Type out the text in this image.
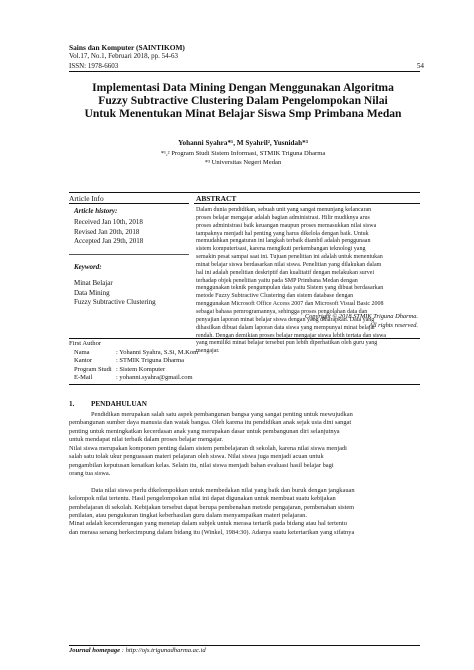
Sains dan Komputer (SAINTIKOM)
Vol.17, No.1, Februari 2018, pp. 54-63
ISSN: 1978-6603	54
Implementasi Data Mining Dengan Menggunakan Algoritma
Fuzzy Subtractive Clustering Dalam Pengelompokan Nilai
Untuk Menentukan Minat Belajar Siswa Smp Primbana Medan
Yohanni Syahra*¹, M Syahril², Yusnidah*³
*¹,² Program Studi Sistem Informasi, STMIK Triguna Dharma
*³ Universitas Negeri Medan
Article Info
Article history:
Received Jan 10th, 2018
Revised Jan 20th, 2018
Accepted Jan 29th, 2018
Keyword:
Minat Belajar
Data Mining
Fuzzy Subtractive Clustering
ABSTRACT
Dalam dunia pendidikan, sebuah unit yang sangat menunjang kelancaran
proses belajar mengajar adalah bagian administrasi. Hilir mudiknya arus
proses administrasi baik keuangan maupun proses memasukkan nilai siswa
tampaknya menjadi hal penting yang harus dikelola dengan baik. Untuk
memudahkan pengaturan ini langkah terbaik diambil adalah penggunaan
sistem komputerisasi, karena mengikuti perkembangan teknologi yang
semakin pesat sampai saat ini. Tujuan penelitian ini adalah untuk menentukan
minat belajar siswa berdasarkan nilai siswa. Penelitian yang dilakukan dalam
hal ini adalah penelitian deskriptif dan kualitatif dengan melakukan survei
terhadap objek penelitian yaitu pada SMP Primbana Medan dengan
menggunakan teknik pengumpulan data yaitu Sistem yang dibuat berdasarkan
metode Fuzzy Subtractive Clustering dan sistem database dengan
menggunakan Microsoft Office Access 2007 dan Microsoft Visual Basic 2008
sebagai bahasa pemrogramannya, sehingga proses pengolahan data dan
penyajian laporan minat belajar siswa dengan yang diharapkan. Data yang
dihasilkan dibuat dalam laporan data siswa yang mempunyai minat belajar
rendah. Dengan demikian proses belajar mengajar siswa lebih tertata dan siswa
yang memiliki minat belajar tersebut pun lebih diperhatikan oleh guru yang
mengajar.
Copyright © 2018 STMIK Triguna Dharma.
All rights reserved.
First Author
Nama	: Yohanni Syahra, S.Si, M.Kom
Kantor	: STMIK Triguna Dharma
Program Studi : Sistem Komputer
E-Mail	: yohanni.syahra@gmail.com
1. PENDAHULUAN
Pendidikan merupakan salah satu aspek pembangunan bangsa yang sangat penting untuk mewujudkan
pembangunan sumber daya manusia dan watak bangsa. Oleh karena itu pendidikan anak sejak usia dini sangat
penting untuk meningkatkan kecerdasan anak yang merupakan dasar untuk pembangunan diri selanjutnya
untuk mendapat nilai terbaik dalam proses belajar mengajar.
Nilai siswa merupakan komponen penting dalam sistem pembelajaran di sekolah, karena nilai siswa menjadi
salah satu tolak ukur penguasaan materi pelajaran oleh siswa. Nilai siswa juga menjadi acuan untuk
pengambilan keputusan kenaikan kelas. Selain itu, nilai siswa menjadi bahan evaluasi hasil belajar bagi
orang tua siswa.
Data nilai siswa perlu dikelompokkan untuk membedakan nilai yang baik dan buruk dengan jangkauan
kelompok nilai tertentu. Hasil pengelompokan nilai ini dapat digunakan untuk membuat suatu kebijakan
pembelajaran di sekolah. Kebijakan tersebut dapat berupa pembenahan metode pengajaran, pembenahan sistem
penilaian, atau pengukuran tingkat keberhasilan guru dalam menyampaikan materi pelajaran.
Minat adalah kecenderungan yang menetap dalam subjek untuk merasa tertarik pada bidang atau hal tertentu
dan merasa senang berkecimpung dalam bidang itu (Winkel, 1984:30). Adanya suatu ketertarikan yang sifatnya
Journal homepage : http://ojs.trigunadharma.ac.id
